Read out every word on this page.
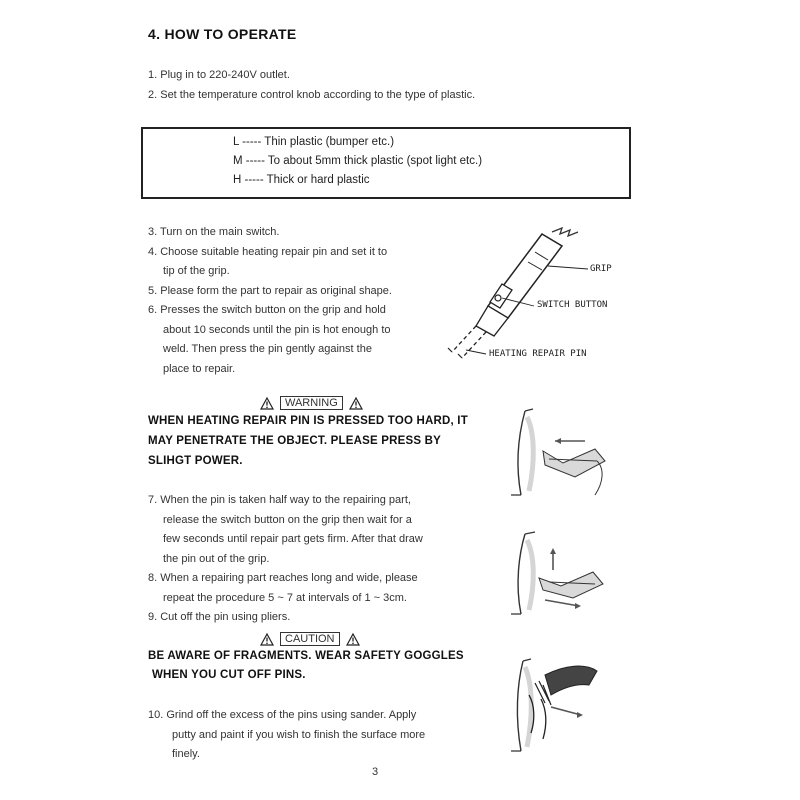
4. HOW TO OPERATE
1. Plug in to 220-240V outlet.
2. Set the temperature control knob according to the type of plastic.
L ----- Thin plastic (bumper etc.)
M ----- To about 5mm thick plastic (spot light etc.)
H ----- Thick or hard plastic
3. Turn on the main switch.
4. Choose suitable heating repair pin and set it to
tip of the grip.
5. Please form the part to repair as original shape.
6. Presses the switch button on the grip and hold
about 10 seconds until the pin is hot enough to
weld. Then press the pin gently against the
place to repair.
GRIP
SWITCH BUTTON
HEATING REPAIR PIN
WARNING
WHEN HEATING REPAIR PIN IS PRESSED TOO HARD, IT
MAY PENETRATE THE OBJECT. PLEASE PRESS BY
SLIHGT POWER.
7. When the pin is taken half way to the repairing part,
release the switch button on the grip then wait for a
few seconds until repair part gets firm. After that draw
the pin out of the grip.
8. When a repairing part reaches long and wide, please
repeat the procedure 5 ~ 7 at intervals of 1 ~ 3cm.
9. Cut off the pin using pliers.
CAUTION
BE AWARE OF FRAGMENTS. WEAR SAFETY GOGGLES
WHEN YOU CUT OFF PINS.
10. Grind off the excess of the pins using sander. Apply
putty and paint if you wish to finish the surface more
finely.
3
